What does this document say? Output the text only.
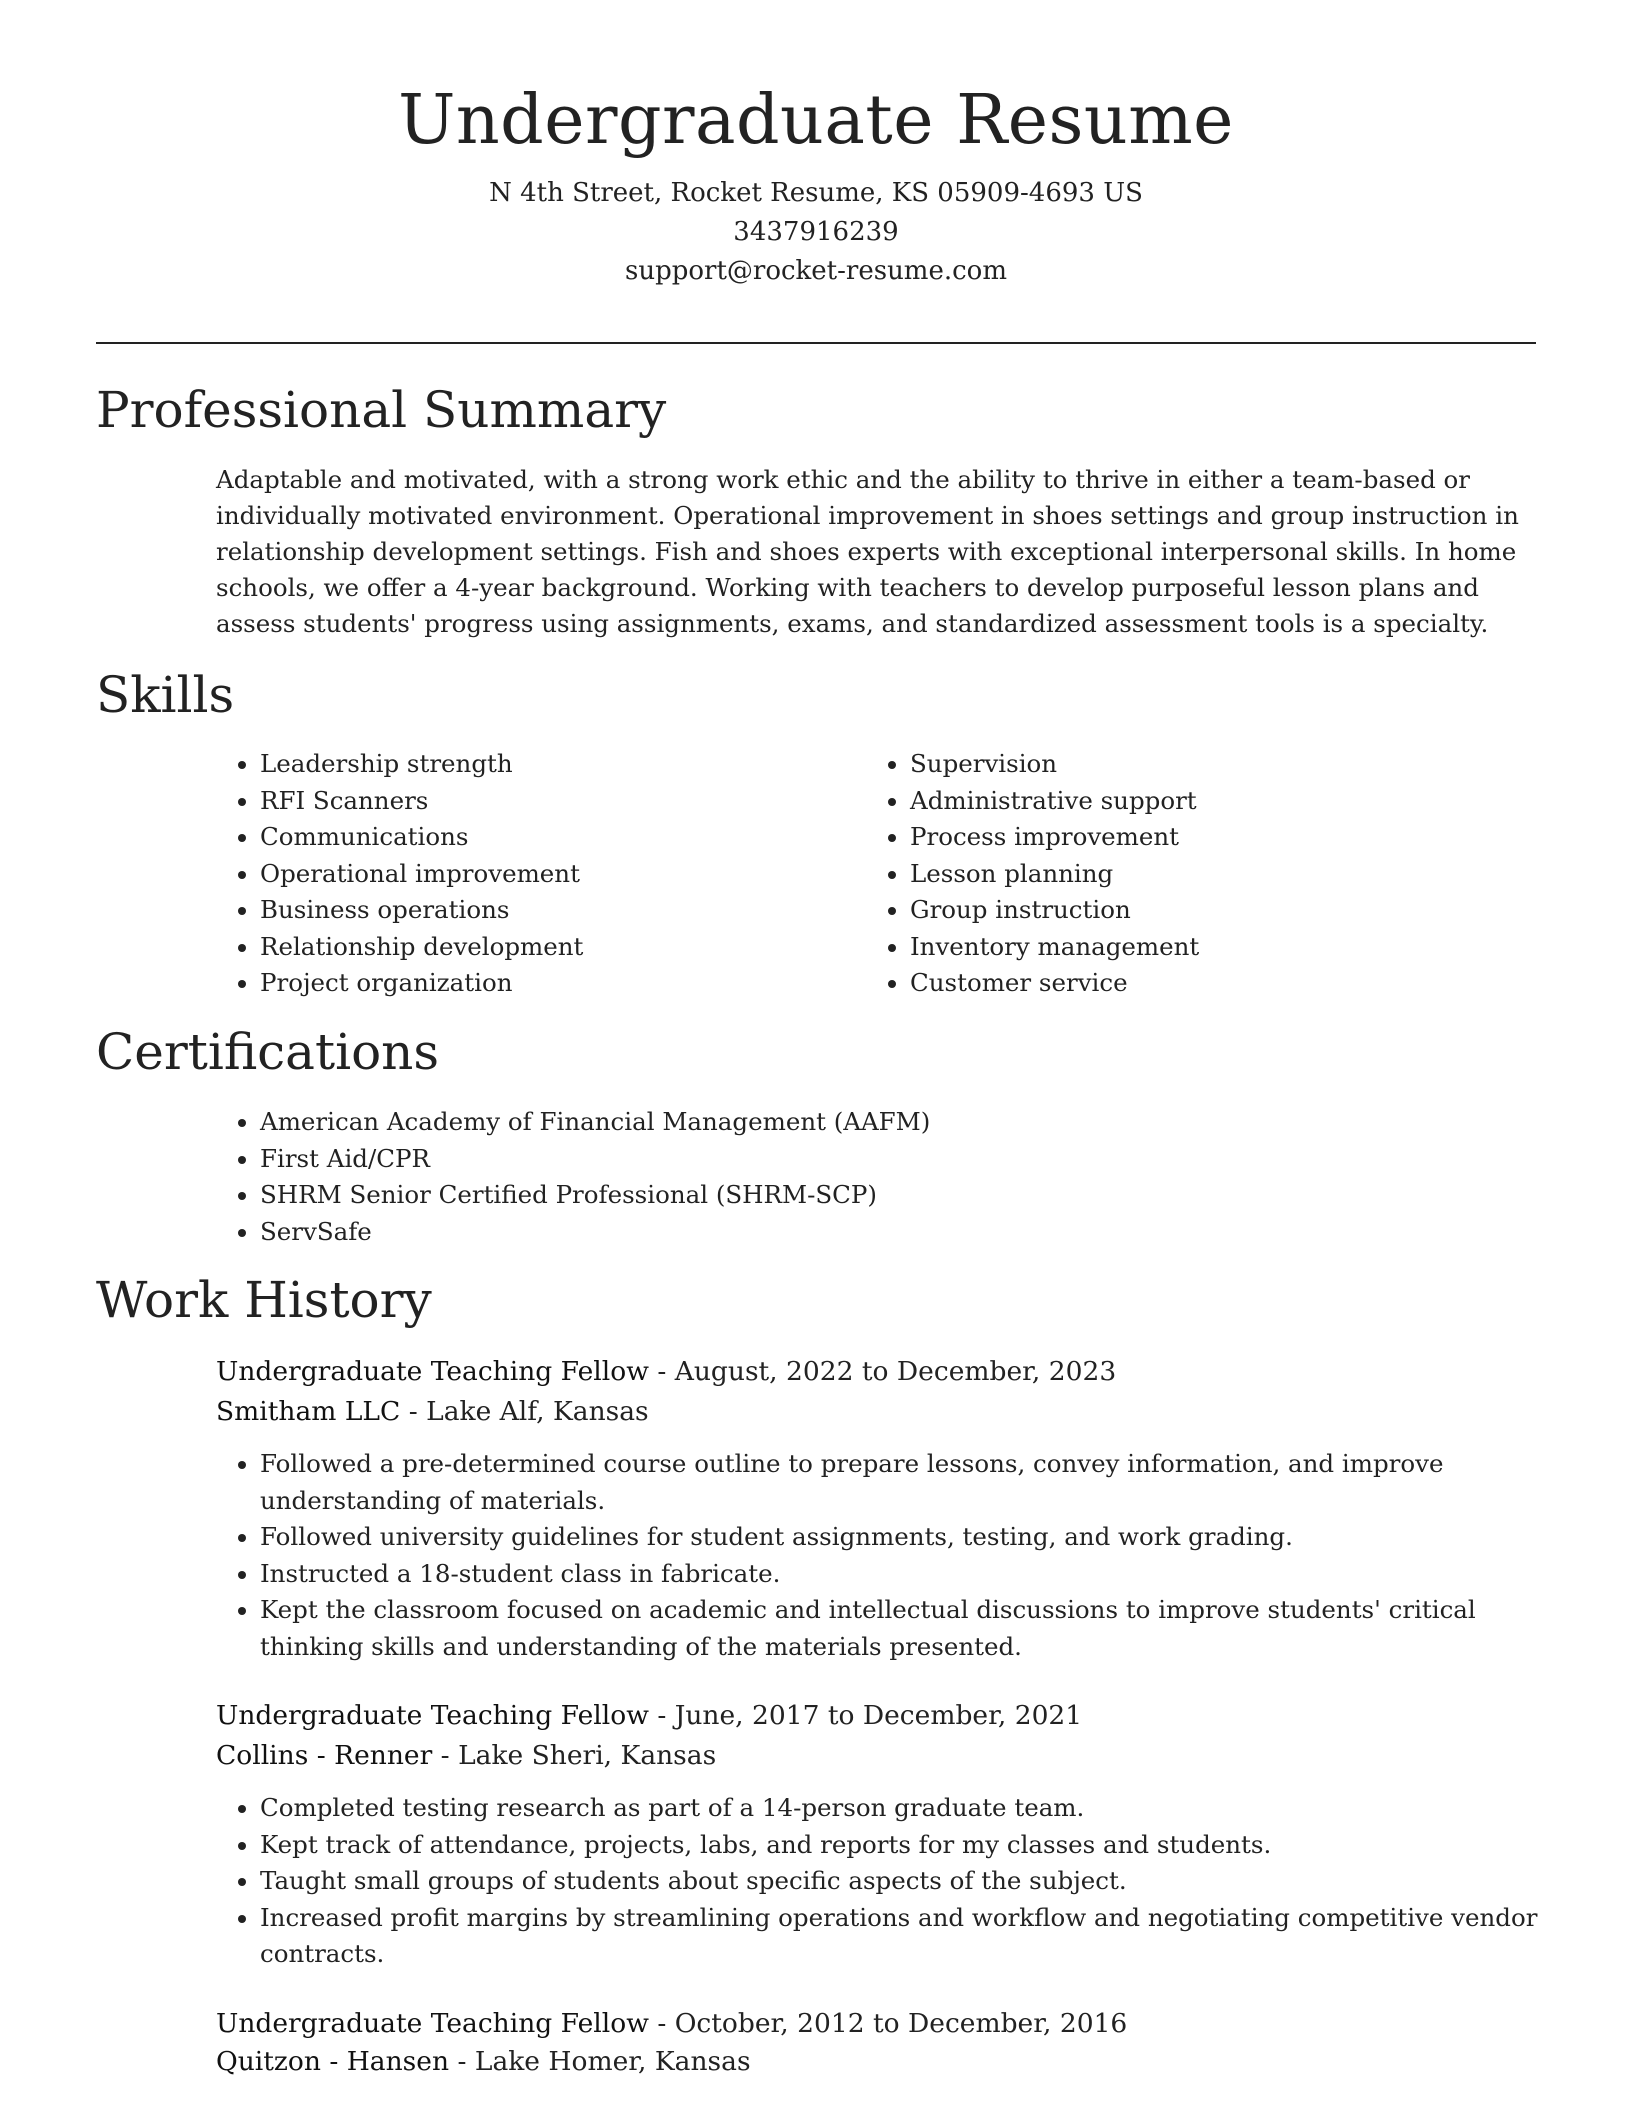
Undergraduate Resume
N 4th Street, Rocket Resume, KS 05909-4693 US
3437916239
support@rocket-resume.com
Professional Summary

Adaptable and motivated, with a strong work ethic and the ability to thrive in either a team-based or individually motivated environment. Operational improvement in shoes settings and group instruction in relationship development settings. Fish and shoes experts with exceptional interpersonal skills. In home schools, we offer a 4-year background. Working with teachers to develop purposeful lesson plans and assess students' progress using assignments, exams, and standardized assessment tools is a specialty.

Skills
• Leadership strength
• RFI Scanners
• Communications
• Operational improvement
• Business operations
• Relationship development
• Project organization
• Supervision
• Administrative support
• Process improvement
• Lesson planning
• Group instruction
• Inventory management
• Customer service
Certifications
• American Academy of Financial Management (AAFM)
• First Aid/CPR
• SHRM Senior Certified Professional (SHRM-SCP)
• ServSafe
Work History
Undergraduate Teaching Fellow - August, 2022 to December, 2023
Smitham LLC - Lake Alf, Kansas
• Followed a pre-determined course outline to prepare lessons, convey information, and improve understanding of materials.
• Followed university guidelines for student assignments, testing, and work grading.
• Instructed a 18-student class in fabricate.
• Kept the classroom focused on academic and intellectual discussions to improve students' critical thinking skills and understanding of the materials presented.
Undergraduate Teaching Fellow - June, 2017 to December, 2021
Collins - Renner - Lake Sheri, Kansas
• Completed testing research as part of a 14-person graduate team.
• Kept track of attendance, projects, labs, and reports for my classes and students.
• Taught small groups of students about specific aspects of the subject.
• Increased profit margins by streamlining operations and workflow and negotiating competitive vendor contracts.
Undergraduate Teaching Fellow - October, 2012 to December, 2016
Quitzon - Hansen - Lake Homer, Kansas
